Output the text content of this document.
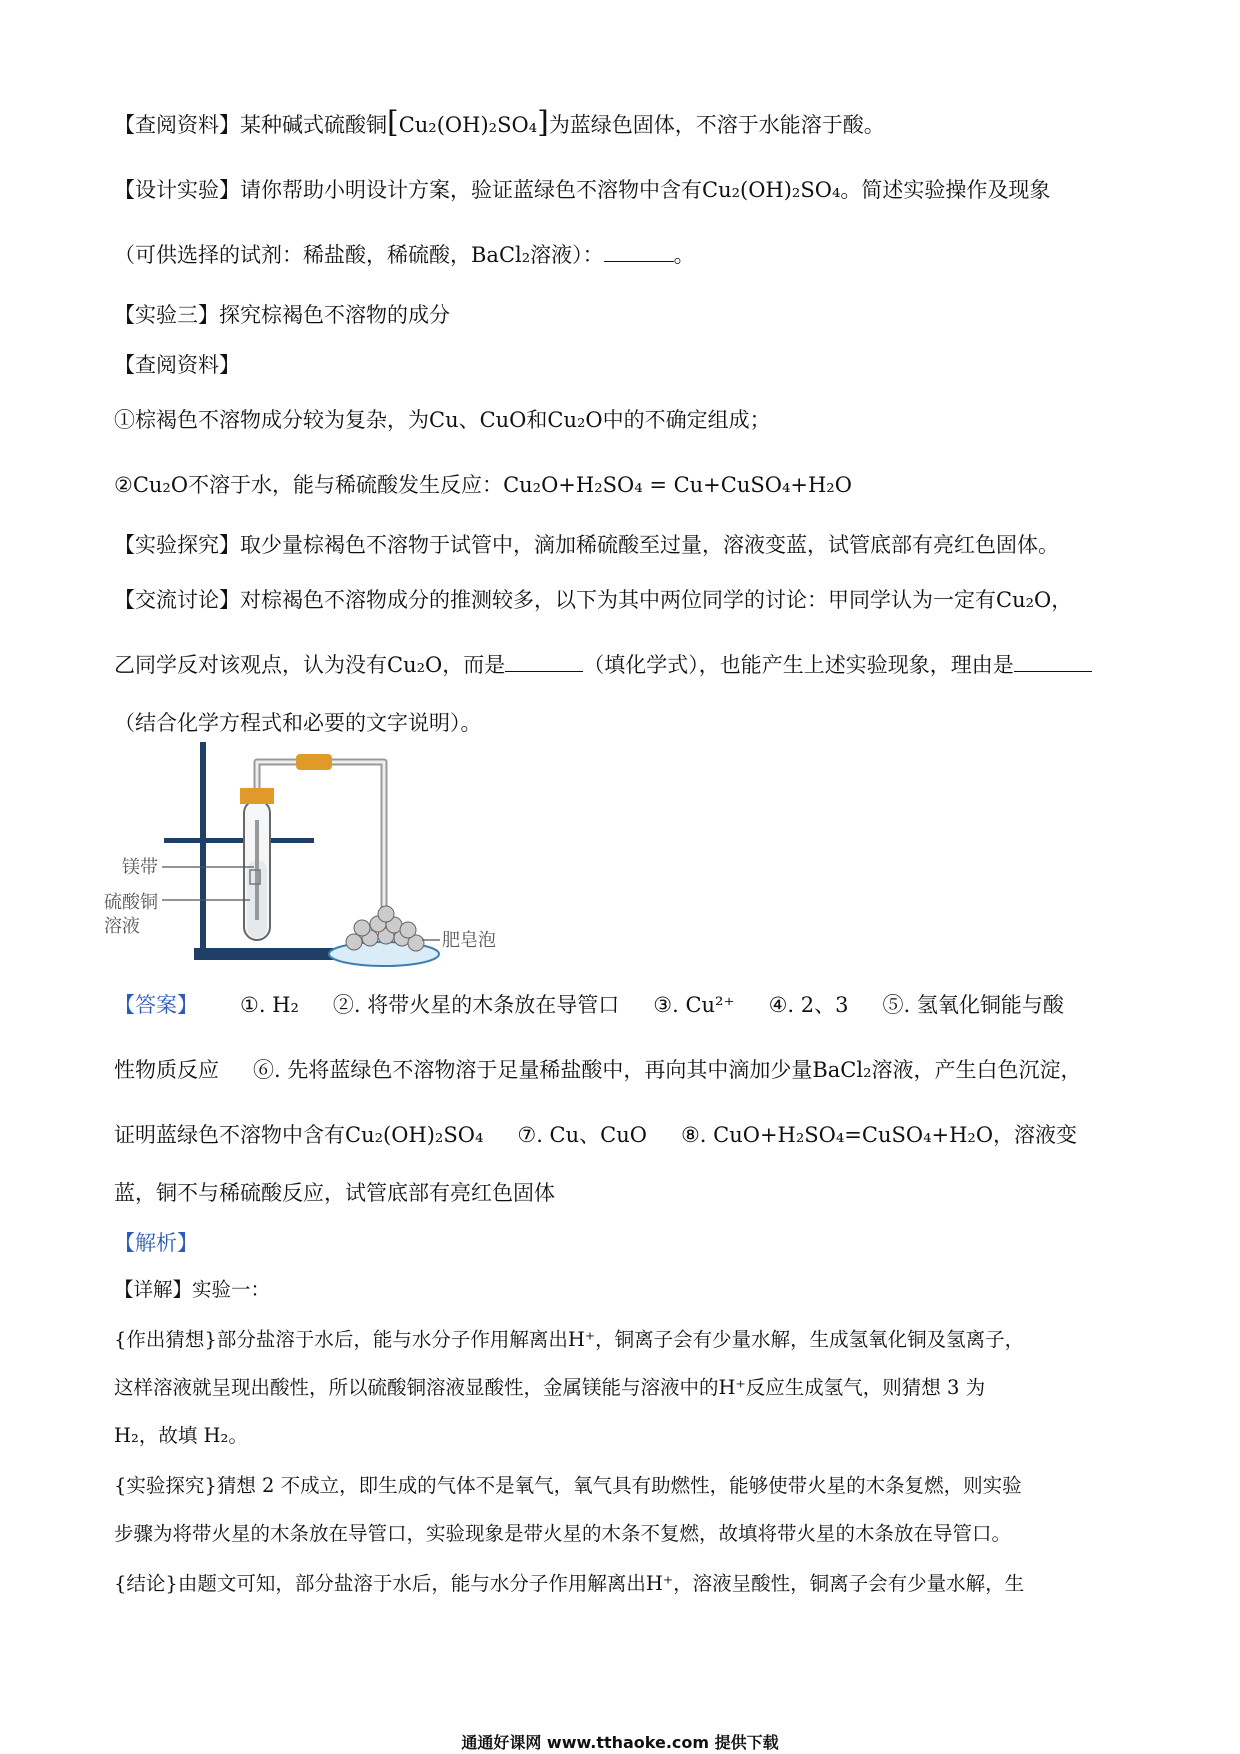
【查阅资料】某种碱式硫酸铜[Cu₂(OH)₂SO₄]为蓝绿色固体，不溶于水能溶于酸。
【设计实验】请你帮助小明设计方案，验证蓝绿色不溶物中含有Cu₂(OH)₂SO₄。简述实验操作及现象
（可供选择的试剂：稀盐酸，稀硫酸，BaCl₂溶液）：	。
【实验三】探究棕褐色不溶物的成分
【查阅资料】
①棕褐色不溶物成分较为复杂，为Cu、CuO和Cu₂O中的不确定组成；
②Cu₂O不溶于水，能与稀硫酸发生反应：Cu₂O+H₂SO₄ = Cu+CuSO₄+H₂O
【实验探究】取少量棕褐色不溶物于试管中，滴加稀硫酸至过量，溶液变蓝，试管底部有亮红色固体。
【交流讨论】对棕褐色不溶物成分的推测较多，以下为其中两位同学的讨论：甲同学认为一定有Cu₂O，
乙同学反对该观点，认为没有Cu₂O，而是	（填化学式），也能产生上述实验现象，理由是
（结合化学方程式和必要的文字说明）。
镁带
硫酸铜
溶液
肥皂泡
【答案】 ①. H₂ ②. 将带火星的木条放在导管口 ③. Cu²⁺ ④. 2、3 ⑤. 氢氧化铜能与酸
性物质反应 ⑥. 先将蓝绿色不溶物溶于足量稀盐酸中，再向其中滴加少量BaCl₂溶液，产生白色沉淀，
证明蓝绿色不溶物中含有Cu₂(OH)₂SO₄ ⑦. Cu、CuO ⑧. CuO+H₂SO₄=CuSO₄+H₂O，溶液变
蓝，铜不与稀硫酸反应，试管底部有亮红色固体
【解析】
【详解】实验一：
{作出猜想}部分盐溶于水后，能与水分子作用解离出H⁺，铜离子会有少量水解，生成氢氧化铜及氢离子，
这样溶液就呈现出酸性，所以硫酸铜溶液显酸性，金属镁能与溶液中的H⁺反应生成氢气，则猜想 3 为
H₂，故填 H₂。
{实验探究}猜想 2 不成立，即生成的气体不是氧气，氧气具有助燃性，能够使带火星的木条复燃，则实验
步骤为将带火星的木条放在导管口，实验现象是带火星的木条不复燃，故填将带火星的木条放在导管口。
{结论}由题文可知，部分盐溶于水后，能与水分子作用解离出H⁺，溶液呈酸性，铜离子会有少量水解，生
通通好课网 www.tthaoke.com 提供下载
